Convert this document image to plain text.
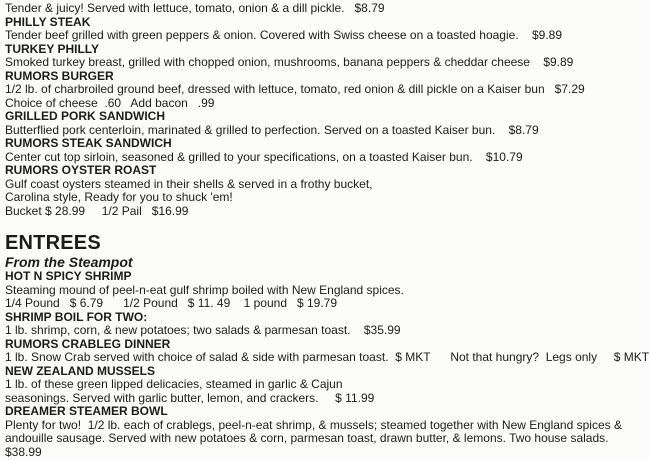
Tender & juicy! Served with lettuce, tomato, onion & a dill pickle.   $8.79
PHILLY STEAK
Tender beef grilled with green peppers & onion. Covered with Swiss cheese on a toasted hoagie.    $9.89
TURKEY PHILLY
Smoked turkey breast, grilled with chopped onion, mushrooms, banana peppers & cheddar cheese    $9.89
RUMORS BURGER
1/2 lb. of charbroiled ground beef, dressed with lettuce, tomato, red onion & dill pickle on a Kaiser bun   $7.29
Choice of cheese  .60   Add bacon   .99
GRILLED PORK SANDWICH
Butterflied pork centerloin, marinated & grilled to perfection. Served on a toasted Kaiser bun.    $8.79
RUMORS STEAK SANDWICH
Center cut top sirloin, seasoned & grilled to your specifications, on a toasted Kaiser bun.    $10.79
RUMORS OYSTER ROAST
Gulf coast oysters steamed in their shells & served in a frothy bucket,
Carolina style, Ready for you to shuck 'em!
Bucket $ 28.99     1/2 Pail   $16.99
ENTREES
From the Steampot
HOT N SPICY SHRIMP
Steaming mound of peel-n-eat gulf shrimp boiled with New England spices.
1/4 Pound   $ 6.79      1/2 Pound   $ 11. 49    1 pound   $ 19.79
SHRIMP BOIL FOR TWO:
1 lb. shrimp, corn, & new potatoes; two salads & parmesan toast.    $35.99
RUMORS CRABLEG DINNER
1 lb. Snow Crab served with choice of salad & side with parmesan toast.  $ MKT      Not that hungry?  Legs only     $ MKT
NEW ZEALAND MUSSELS
1 lb. of these green lipped delicacies, steamed in garlic & Cajun
seasonings. Served with garlic butter, lemon, and crackers.     $ 11.99
DREAMER STEAMER BOWL
Plenty for two!  1/2 lb. each of crablegs, peel-n-eat shrimp, & mussels; steamed together with New England spices &
andouille sausage. Served with new potatoes & corn, parmesan toast, drawn butter, & lemons. Two house salads.
$38.99
